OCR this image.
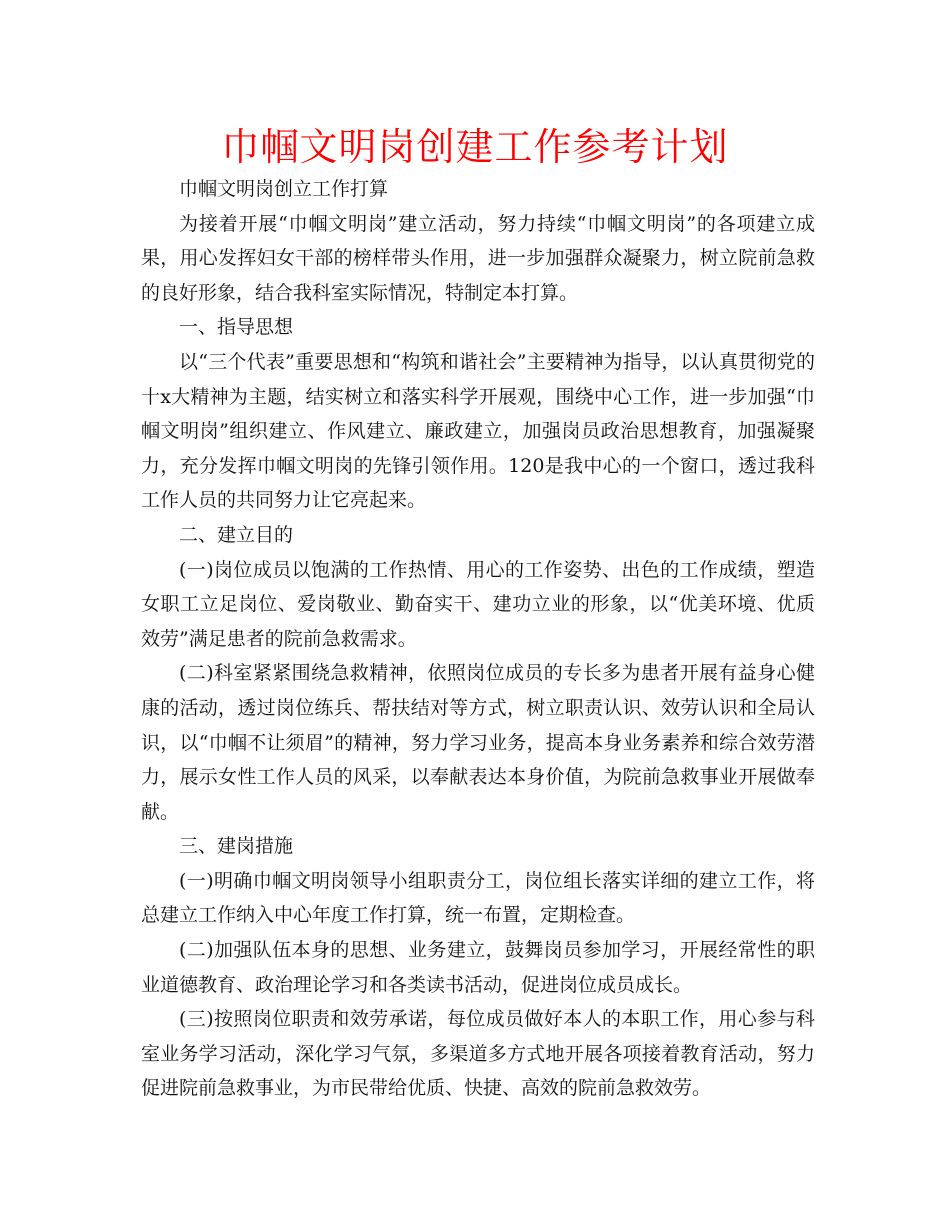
巾帼文明岗创建工作参考计划

巾帼文明岗创立工作打算

为接着开展“巾帼文明岗”建立活动，努力持续“巾帼文明岗”的各项建立成果，用心发挥妇女干部的榜样带头作用，进一步加强群众凝聚力，树立院前急救的良好形象，结合我科室实际情况，特制定本打算。

一、指导思想

以“三个代表”重要思想和“构筑和谐社会”主要精神为指导，以认真贯彻党的十x大精神为主题，结实树立和落实科学开展观，围绕中心工作，进一步加强“巾帼文明岗”组织建立、作风建立、廉政建立，加强岗员政治思想教育，加强凝聚力，充分发挥巾帼文明岗的先锋引领作用。120是我中心的一个窗口，透过我科工作人员的共同努力让它亮起来。

二、建立目的

(一)岗位成员以饱满的工作热情、用心的工作姿势、出色的工作成绩，塑造女职工立足岗位、爱岗敬业、勤奋实干、建功立业的形象，以“优美环境、优质效劳”满足患者的院前急救需求。

(二)科室紧紧围绕急救精神，依照岗位成员的专长多为患者开展有益身心健康的活动，透过岗位练兵、帮扶结对等方式，树立职责认识、效劳认识和全局认识，以“巾帼不让须眉”的精神，努力学习业务，提高本身业务素养和综合效劳潜力，展示女性工作人员的风采，以奉献表达本身价值，为院前急救事业开展做奉献。

三、建岗措施

(一)明确巾帼文明岗领导小组职责分工，岗位组长落实详细的建立工作，将总建立工作纳入中心年度工作打算，统一布置，定期检查。

(二)加强队伍本身的思想、业务建立，鼓舞岗员参加学习，开展经常性的职业道德教育、政治理论学习和各类读书活动，促进岗位成员成长。

(三)按照岗位职责和效劳承诺，每位成员做好本人的本职工作，用心参与科室业务学习活动，深化学习气氛，多渠道多方式地开展各项接着教育活动，努力促进院前急救事业，为市民带给优质、快捷、高效的院前急救效劳。
